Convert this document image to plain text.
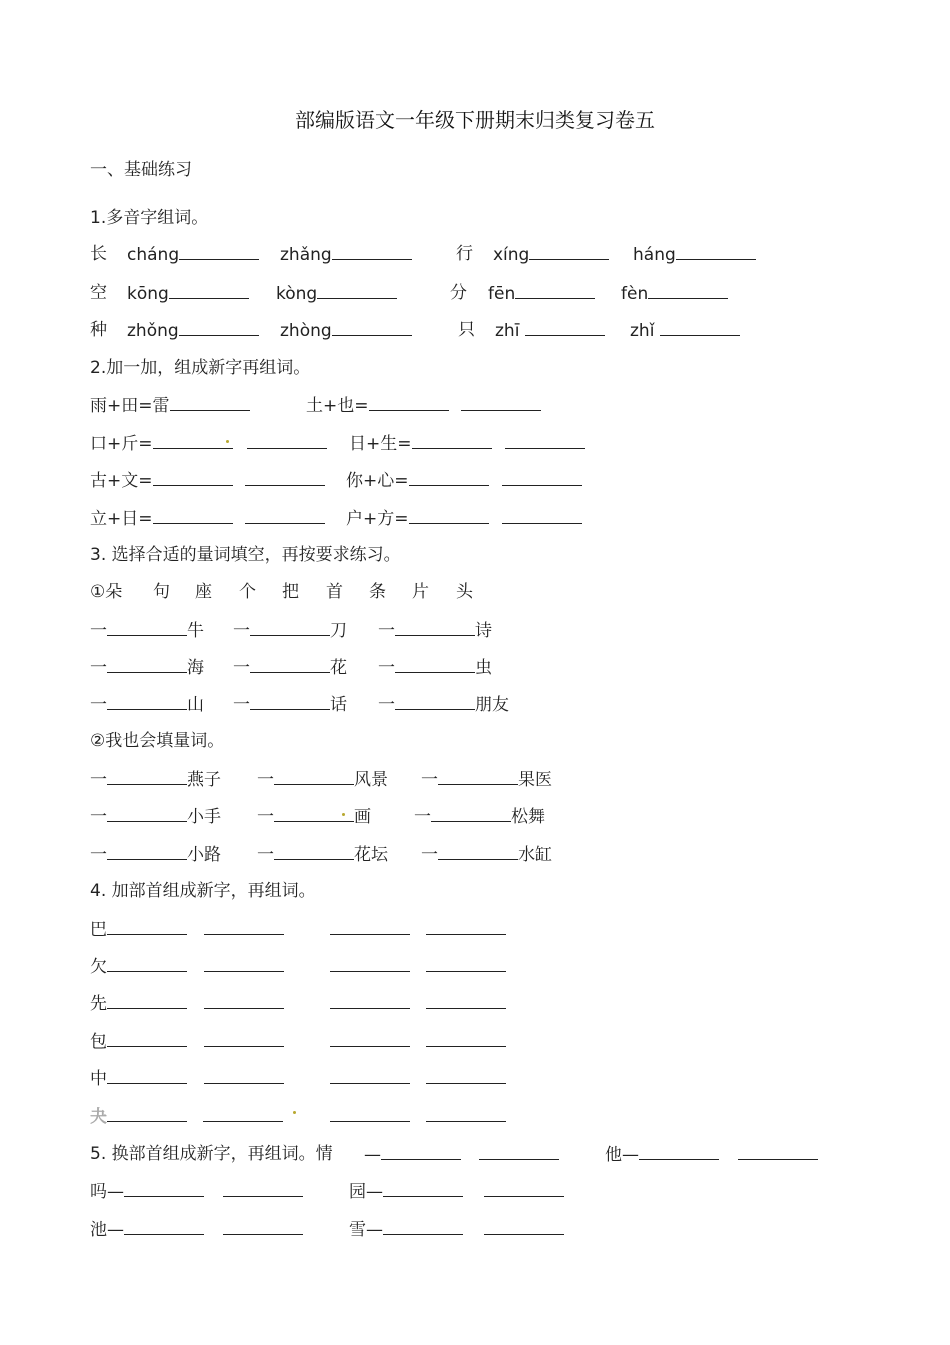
部编版语文一年级下册期末归类复习卷五
一、基础练习
1.多音字组词。
长 cháng	zhǎng	行 xíng	háng
空 kōng	kòng	分 fēn	fèn
种 zhǒng	zhòng	只 zhī	zhǐ
2.加一加，组成新字再组词。
雨+田=雷	土+也=
口+斤=	日+生=
古+文=	你+心=
立+日=	户+方=
3. 选择合适的量词填空，再按要求练习。
①朵 句 座 个 把 首 条 片 头
一	牛 一	刀 一	诗
一	海 一	花 一	虫
一	山 一	话 一	朋友
②我也会填量词。
一	燕子 一	风景 一	果医
一	小手 一	画	一	松舞
一	小路 一	花坛 一	水缸
4. 加部首组成新字，再组词。
巴
欠
先
包
中
夬
5. 换部首组成新字，再组词。情 —	他—
吗—	园—
池—	雪—
